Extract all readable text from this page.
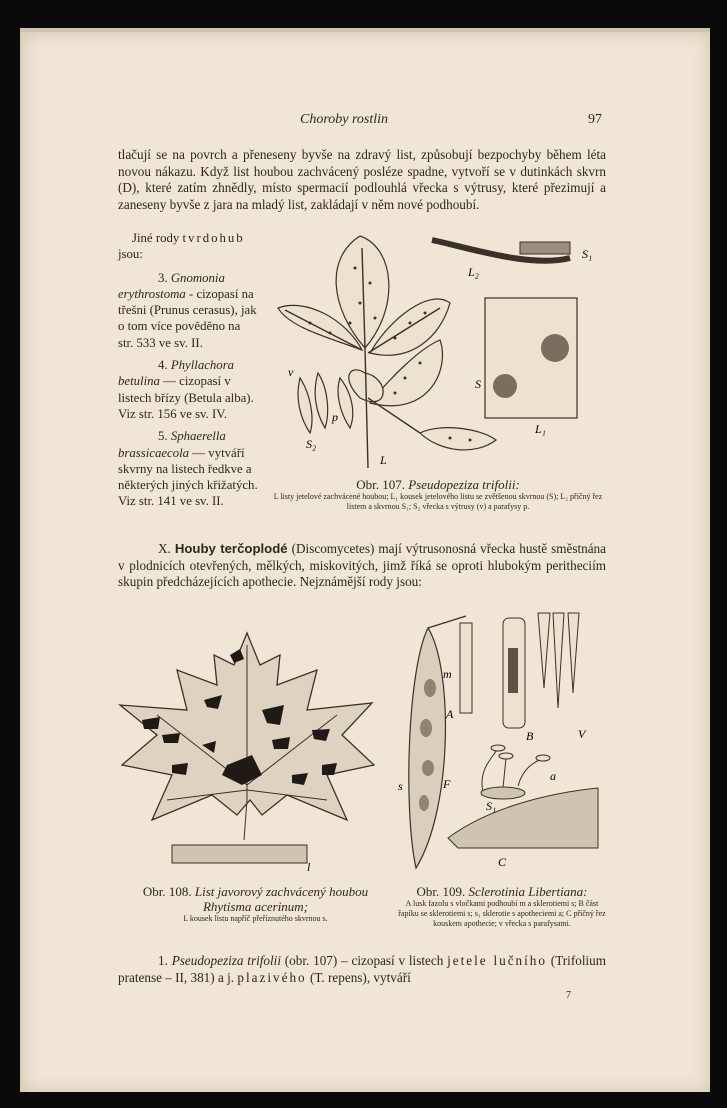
Choroby rostlin	97

tlačují se na povrch a přeneseny byvše na zdravý list, způsobují bezpochyby během léta novou nákazu. Když list houbou zachvácený posléze spadne, vytvoří se v dutinkách skvrn (D), které zatím zhnědly, místo spermacií podlouhlá vřecka s výtrusy, které přezimují a zaneseny byvše z jara na mladý list, zakládají v něm nové podhoubí.

Jiné rody tvrdohub jsou:
3. Gnomonia erythrostoma - cizopasí na třešni (Prunus cerasus), jak o tom více pověděno na str. 533 ve sv. II.
4. Phyllachora betulina — cizopasí v listech břízy (Betula alba). Viz str. 156 ve sv. IV.
5. Sphaerella brassicaecola — vytváří skvrny na listech ředkve a některých jiných křižatých. Viz str. 141 ve sv. II.
L₂
S₁
S
L₁
L
v
p
S₂
Obr. 107. Pseudopeziza trifolii:
L listy jetelové zachvácené houbou; L₁ kousek jetelového listu se zvětšenou skvrnou (S); L₂ příčný řez listem a skvrnou S₁; S₂ vřecka s výtrusy (v) a parafysy p.

X. Houby terčoplodé (Discomycetes) mají výtrusonosná vřecka hustě směstnána v plodnicích otevřených, mělkých, miskovitých, jimž říká se oproti hlubokým peritheciím skupin předcházejících apothecie. Nejznámější rody jsou:

l
Obr. 108. List javorový zachvácený houbou Rhytisma acerinum;
L kousek listu napříč přeříznutého skvrnou s.
m
A
B	V
F
a
s
S₁
C
Obr. 109. Sclerotinia Libertiana:
A lusk fazolu s vločkami podhoubí m a sklerotiemi s; B část řapíku se sklerotiemi s; s₁ sklerotie s apotheciemi a; C příčný řez kouskem apothecie; v vřecka s parafysami.

1. Pseudopeziza trifolii (obr. 107) – cizopasí v listech jetele lučního (Trifolium pratense – II, 381) a j. plazivého (T. repens), vytváří

7
